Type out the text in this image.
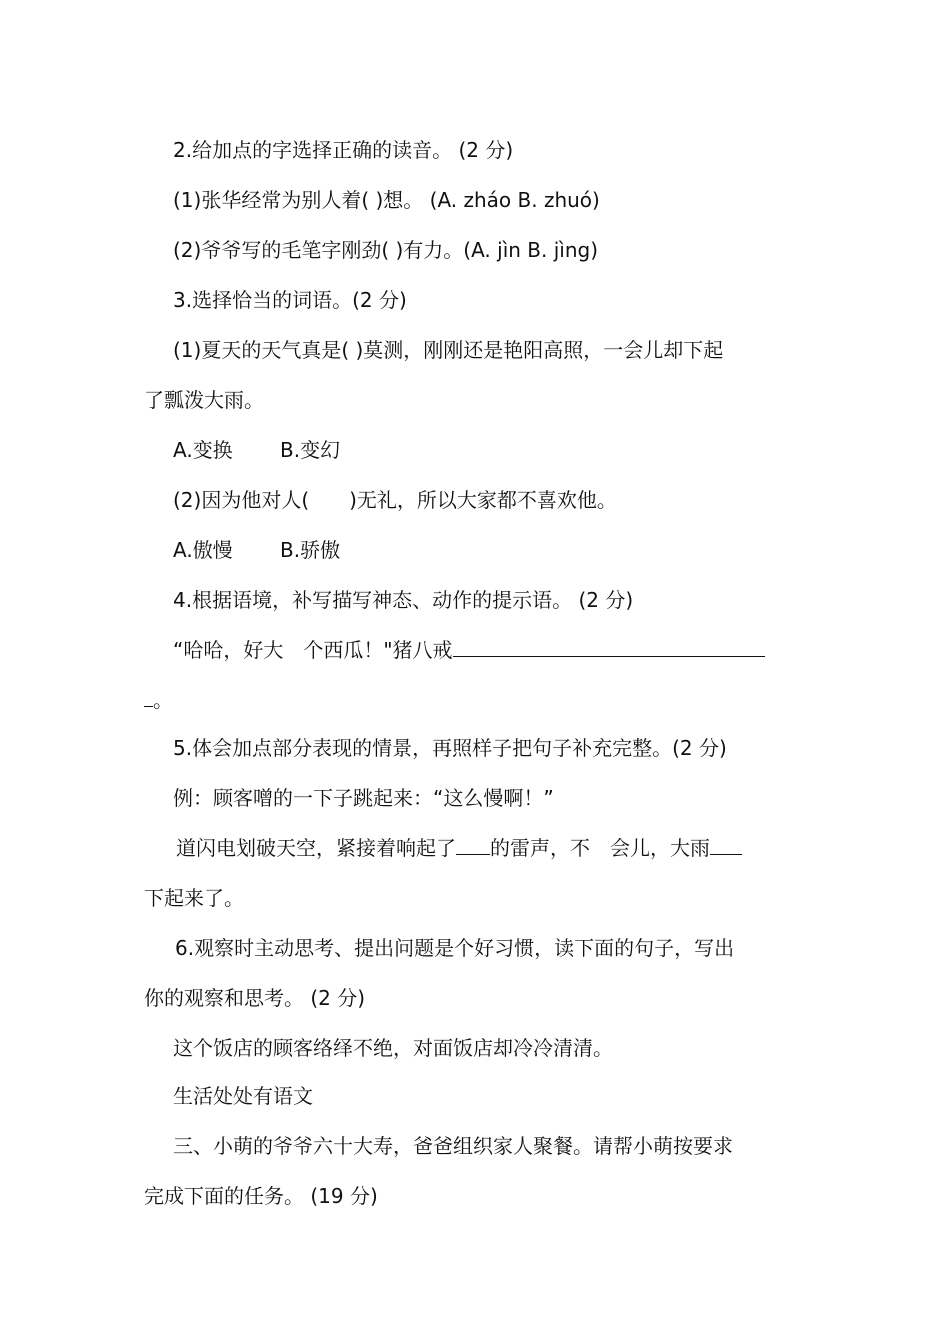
2.给加点的字选择正确的读音。 (2 分)
(1)张华经常为别人着( )想。 (A. zháo B. zhuó)
(2)爷爷写的毛笔字刚劲( )有力。(A. jìn B. jìng)
3.选择恰当的词语。(2 分)
(1)夏天的天气真是( )莫测，刚刚还是艳阳高照，一会儿却下起
了瓢泼大雨。
A.变换 B.变幻
(2)因为他对人(　　)无礼，所以大家都不喜欢他。
A.傲慢 B.骄傲
4.根据语境，补写描写神态、动作的提示语。 (2 分)
“哈哈，好大　个西瓜！"猪八戒
。
5.体会加点部分表现的情景，再照样子把句子补充完整。(2 分)
例：顾客噌的一下子跳起来：“这么慢啊！”
道闪电划破天空，紧接着响起了 的雷声，不　会儿，大雨
下起来了。
6.观察时主动思考、提出问题是个好习惯，读下面的句子，写出
你的观察和思考。 (2 分)
这个饭店的顾客络绎不绝，对面饭店却冷冷清清。
生活处处有语文
三、小萌的爷爷六十大寿，爸爸组织家人聚餐。请帮小萌按要求
完成下面的任务。 (19 分)
